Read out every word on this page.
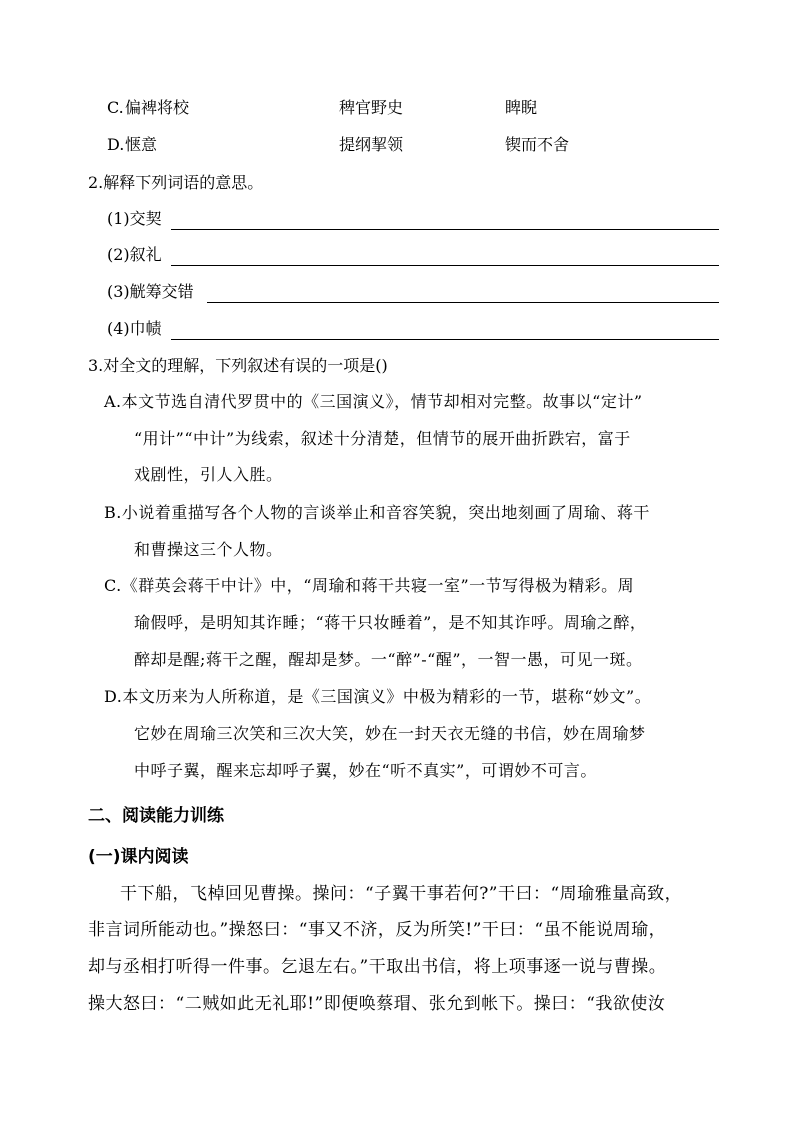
C. 偏裨将校	稗官野史	睥睨
D. 惬意	提纲挈领	锲而不舍
2.解释下列词语的意思。
(1)交契
(2)叙礼
(3)觥筹交错
(4)巾帻
3.对全文的理解，下列叙述有误的一项是()
A.本文节选自清代罗贯中的《三国演义》，情节却相对完整。故事以“定计”
“用计”“中计”为线索，叙述十分清楚，但情节的展开曲折跌宕，富于
戏剧性，引人入胜。
B.小说着重描写各个人物的言谈举止和音容笑貌，突出地刻画了周瑜、蒋干
和曹操这三个人物。
C.《群英会蒋干中计》中，“周瑜和蒋干共寝一室”一节写得极为精彩。周
瑜假呼，是明知其诈睡；“蒋干只妆睡着”，是不知其诈呼。周瑜之醉，
醉却是醒;蒋干之醒，醒却是梦。一“醉”-“醒”，一智一愚，可见一斑。
D.本文历来为人所称道，是《三国演义》中极为精彩的一节，堪称“妙文”。
它妙在周瑜三次笑和三次大笑，妙在一封天衣无缝的书信，妙在周瑜梦
中呼子翼，醒来忘却呼子翼，妙在“听不真实”，可谓妙不可言。
二、阅读能力训练
(一)课内阅读
干下船，飞棹回见曹操。操问：“子翼干事若何?”干曰：“周瑜雅量高致，
非言词所能动也。”操怒曰：“事又不济，反为所笑!”干曰：“虽不能说周瑜，
却与丞相打听得一件事。乞退左右。”干取出书信，将上项事逐一说与曹操。
操大怒曰：“二贼如此无礼耶!”即便唤蔡瑁、张允到帐下。操曰：“我欲使汝
